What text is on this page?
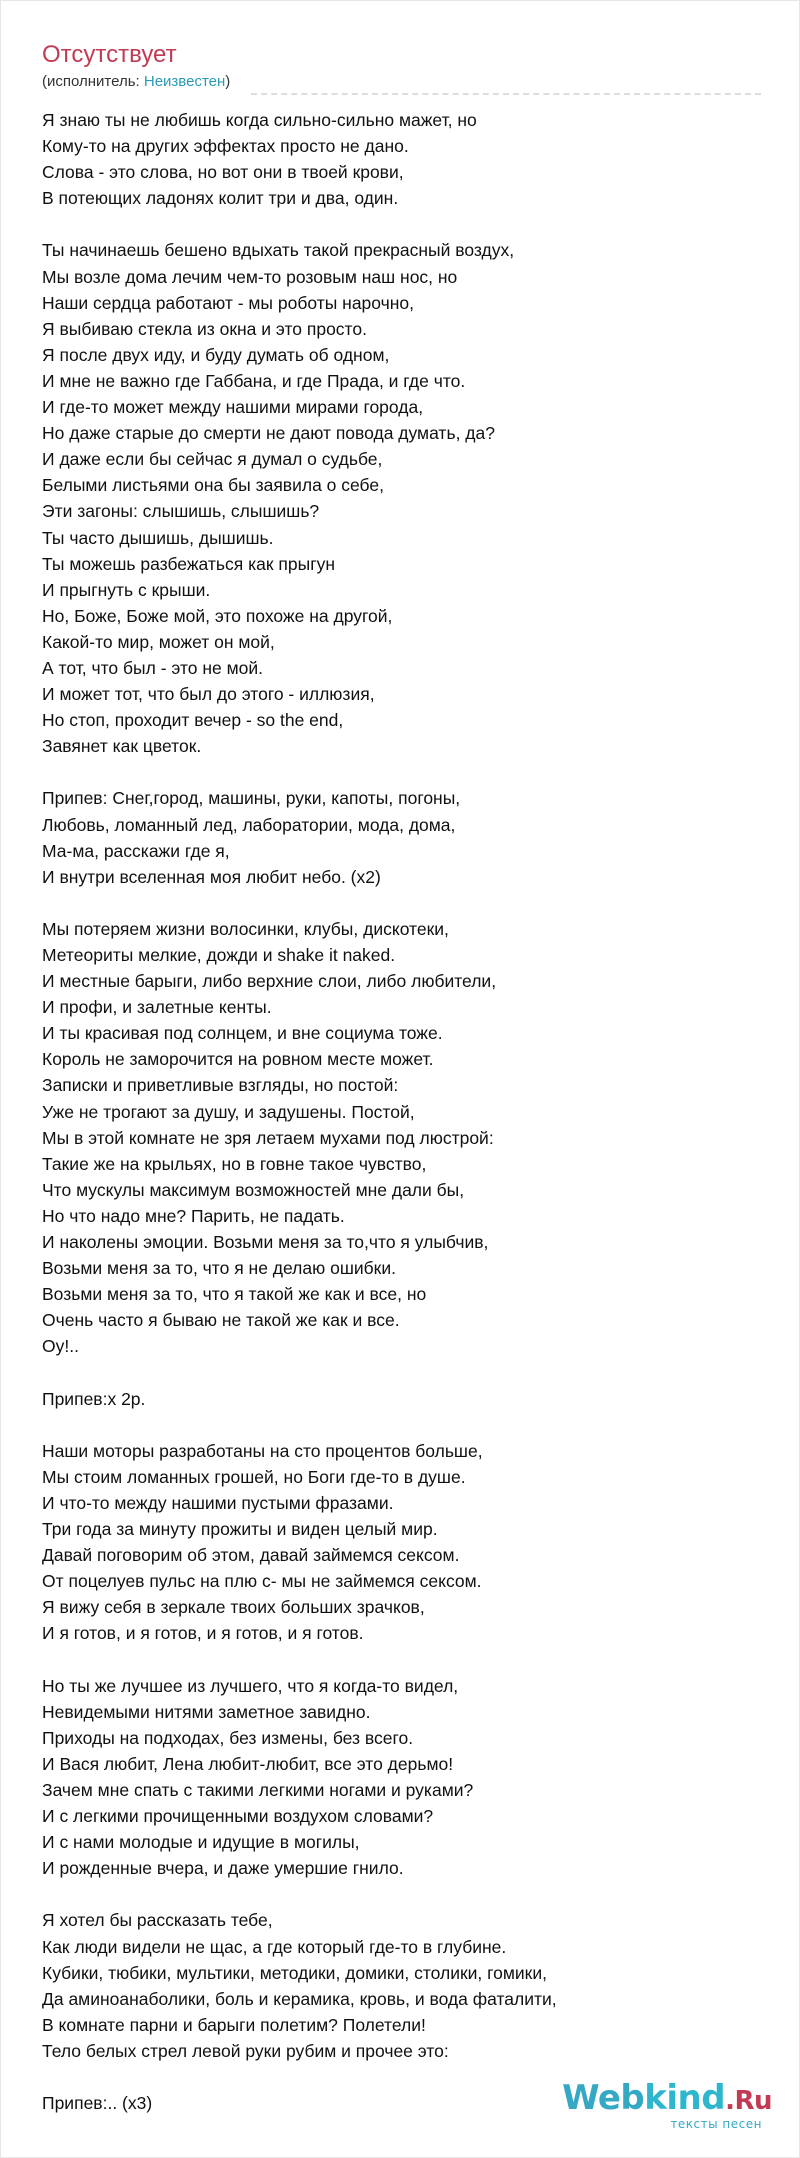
Отсутствует
(исполнитель: Неизвестен)
Я знаю ты не любишь когда сильно-сильно мажет, но
Кому-то на других эффектах просто не дано.
Слова - это слова, но вот они в твоей крови,
В потеющих ладонях колит три и два, один.
Ты начинаешь бешено вдыхать такой прекрасный воздух,
Мы возле дома лечим чем-то розовым наш нос, но
Наши сердца работают - мы роботы нарочно,
Я выбиваю стекла из окна и это просто.
Я после двух иду, и буду думать об одном,
И мне не важно где Габбана, и где Прада, и где что.
И где-то может между нашими мирами города,
Но даже старые до смерти не дают повода думать, да?
И даже если бы сейчас я думал о судьбе,
Белыми листьями она бы заявила о себе,
Эти загоны: слышишь, слышишь?
Ты часто дышишь, дышишь.
Ты можешь разбежаться как прыгун
И прыгнуть с крыши.
Но, Боже, Боже мой, это похоже на другой,
Какой-то мир, может он мой,
А тот, что был - это не мой.
И может тот, что был до этого - иллюзия,
Но стоп, проходит вечер - so the end,
Завянет как цветок.
Припев: Снег,город, машины, руки, капоты, погоны,
Любовь, ломанный лед, лаборатории, мода, дома,
Ма-ма, расскажи где я,
И внутри вселенная моя любит небо. (x2)
Мы потеряем жизни волосинки, клубы, дискотеки,
Метеориты мелкие, дожди и shake it naked.
И местные барыги, либо верхние слои, либо любители,
И профи, и залетные кенты.
И ты красивая под солнцем, и вне социума тоже.
Король не заморочится на ровном месте может.
Записки и приветливые взгляды, но постой:
Уже не трогают за душу, и задушены. Постой,
Мы в этой комнате не зря летаем мухами под люстрой:
Такие же на крыльях, но в говне такое чувство,
Что мускулы максимум возможностей мне дали бы,
Но что надо мне? Парить, не падать.
И наколены эмоции. Возьми меня за то,что я улыбчив,
Возьми меня за то, что я не делаю ошибки.
Возьми меня за то, что я такой же как и все, но
Очень часто я бываю не такой же как и все.
Оу!..
Припев:x 2р.
Наши моторы разработаны на сто процентов больше,
Мы стоим ломанных грошей, но Боги где-то в душе.
И что-то между нашими пустыми фразами.
Три года за минуту прожиты и виден целый мир.
Давай поговорим об этом, давай займемся сексом.
От поцелуев пульс на плю с- мы не займемся сексом.
Я вижу себя в зеркале твоих больших зрачков,
И я готов, и я готов, и я готов, и я готов.
Но ты же лучшее из лучшего, что я когда-то видел,
Невидемыми нитями заметное завидно.
Приходы на подходах, без измены, без всего.
И Вася любит, Лена любит-любит, все это дерьмо!
Зачем мне спать с такими легкими ногами и руками?
И с легкими прочищенными воздухом словами?
И с нами молодые и идущие в могилы,
И рожденные вчера, и даже умершие гнило.
Я хотел бы рассказать тебе,
Как люди видели не щас, а где который где-то в глубине.
Кубики, тюбики, мультики, методики, домики, столики, гомики,
Да аминоанаболики, боль и керамика, кровь, и вода фаталити,
В комнате парни и барыги полетим? Полетели!
Тело белых стрел левой руки рубим и прочее это:
Припев:.. (x3)	Webkind.Ru
тексты песен
